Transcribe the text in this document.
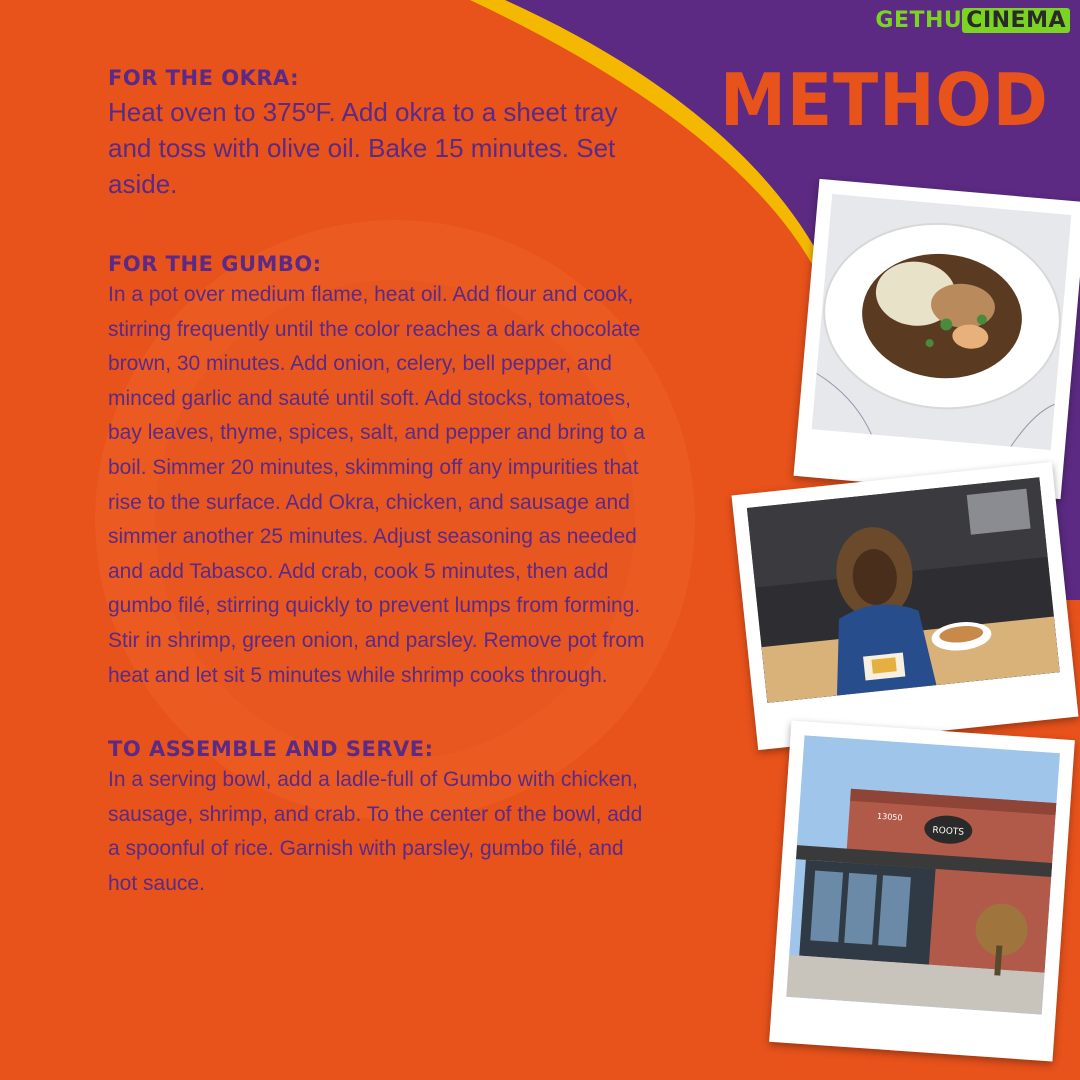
GETHU CINEMA
METHOD
FOR THE OKRA:

Heat oven to 375ºF. Add okra to a sheet tray and toss with olive oil. Bake 15 minutes. Set aside.

FOR THE GUMBO:

In a pot over medium flame, heat oil. Add flour and cook, stirring frequently until the color reaches a dark chocolate brown, 30 minutes. Add onion, celery, bell pepper, and minced garlic and sauté until soft. Add stocks, tomatoes, bay leaves, thyme, spices, salt, and pepper and bring to a boil. Simmer 20 minutes, skimming off any impurities that rise to the surface. Add Okra, chicken, and sausage and simmer another 25 minutes. Adjust seasoning as needed and add Tabasco. Add crab, cook 5 minutes, then add gumbo filé, stirring quickly to prevent lumps from forming. Stir in shrimp, green onion, and parsley. Remove pot from heat and let sit 5 minutes while shrimp cooks through.

TO ASSEMBLE AND SERVE:

In a serving bowl, add a ladle-full of Gumbo with chicken, sausage, shrimp, and crab. To the center of the bowl, add a spoonful of rice. Garnish with parsley, gumbo filé, and hot sauce.

ROOTS
13050
